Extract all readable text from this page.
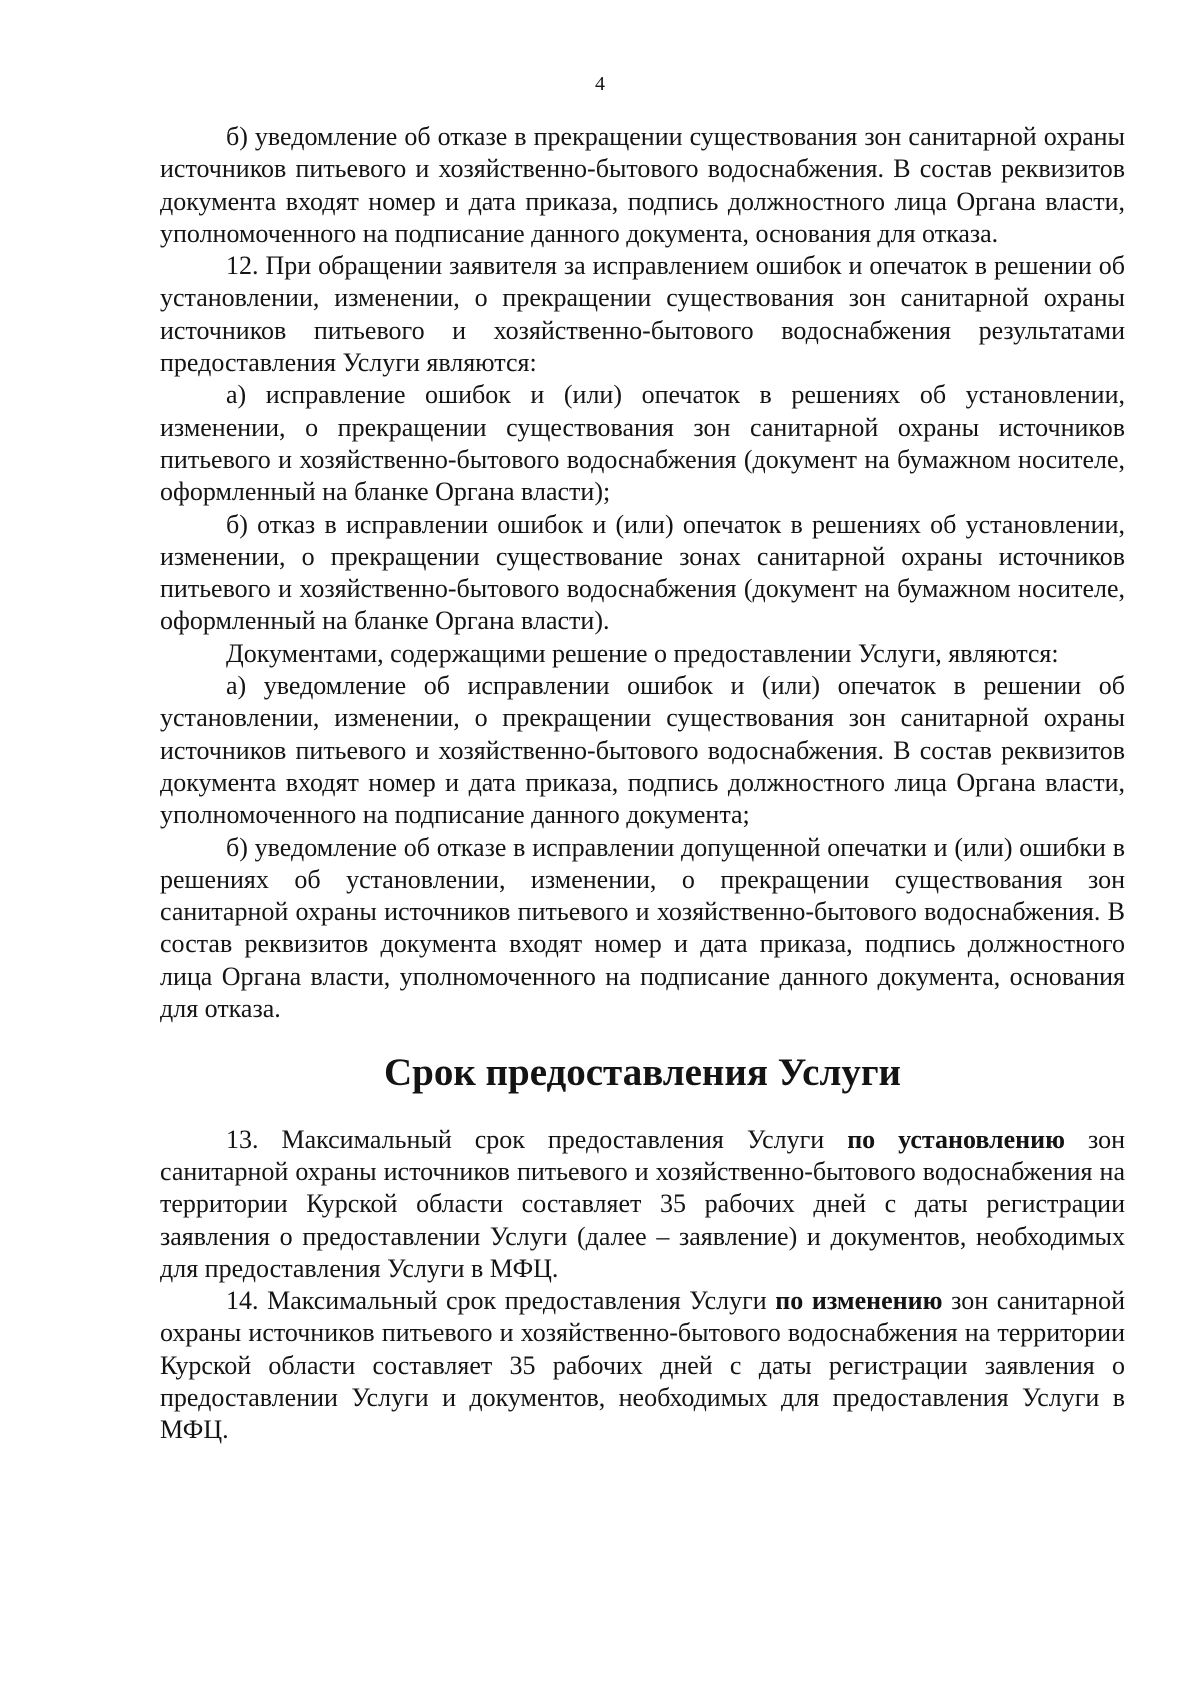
4

б) уведомление об отказе в прекращении существования зон санитарной охраны источников питьевого и хозяйственно-бытового водоснабжения. В состав реквизитов документа входят номер и дата приказа, подпись должностного лица Органа власти, уполномоченного на подписание данного документа, основания для отказа.

12. При обращении заявителя за исправлением ошибок и опечаток в решении об установлении, изменении, о прекращении существования зон санитарной охраны источников питьевого и хозяйственно-бытового водоснабжения результатами предоставления Услуги являются:

а) исправление ошибок и (или) опечаток в решениях об установлении, изменении, о прекращении существования зон санитарной охраны источников питьевого и хозяйственно-бытового водоснабжения (документ на бумажном носителе, оформленный на бланке Органа власти);

б) отказ в исправлении ошибок и (или) опечаток в решениях об установлении, изменении, о прекращении существование зонах санитарной охраны источников питьевого и хозяйственно-бытового водоснабжения (документ на бумажном носителе, оформленный на бланке Органа власти).

Документами, содержащими решение о предоставлении Услуги, являются:

а) уведомление об исправлении ошибок и (или) опечаток в решении об установлении, изменении, о прекращении существования зон санитарной охраны источников питьевого и хозяйственно-бытового водоснабжения. В состав реквизитов документа входят номер и дата приказа, подпись должностного лица Органа власти, уполномоченного на подписание данного документа;

б) уведомление об отказе в исправлении допущенной опечатки и (или) ошибки в решениях об установлении, изменении, о прекращении существования зон санитарной охраны источников питьевого и хозяйственно-бытового водоснабжения. В состав реквизитов документа входят номер и дата приказа, подпись должностного лица Органа власти, уполномоченного на подписание данного документа, основания для отказа.

Срок предоставления Услуги

13. Максимальный срок предоставления Услуги по установлению зон санитарной охраны источников питьевого и хозяйственно-бытового водоснабжения на территории Курской области составляет 35 рабочих дней с даты регистрации заявления о предоставлении Услуги (далее – заявление) и документов, необходимых для предоставления Услуги в МФЦ.

14. Максимальный срок предоставления Услуги по изменению зон санитарной охраны источников питьевого и хозяйственно-бытового водоснабжения на территории Курской области составляет 35 рабочих дней с даты регистрации заявления о предоставлении Услуги и документов, необходимых для предоставления Услуги в МФЦ.
